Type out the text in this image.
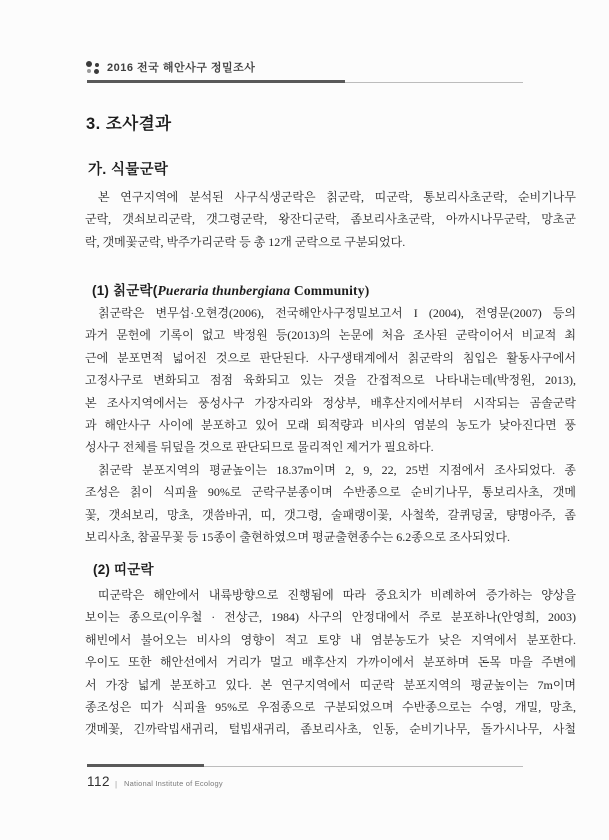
2016 전국 해안사구 정밀조사
3. 조사결과
가. 식물군락
본 연구지역에 분석된 사구식생군락은 칡군락, 띠군락, 통보리사초군락, 순비기나무
군락, 갯쇠보리군락, 갯그령군락, 왕잔디군락, 좀보리사초군락, 아까시나무군락, 망초군
락, 갯메꽃군락, 박주가리군락 등 총 12개 군락으로 구분되었다.
(1) 칡군락(Pueraria thunbergiana Community)
칡군락은 변무섭·오현경(2006), 전국해안사구정밀보고서 I (2004), 전영문(2007) 등의
과거 문헌에 기록이 없고 박정원 등(2013)의 논문에 처음 조사된 군락이어서 비교적 최
근에 분포면적 넓어진 것으로 판단된다. 사구생태계에서 칡군락의 침입은 활동사구에서
고정사구로 변화되고 점점 육화되고 있는 것을 간접적으로 나타내는데(박정원, 2013),
본 조사지역에서는 풍성사구 가장자리와 정상부, 배후산지에서부터 시작되는 곰솔군락
과 해안사구 사이에 분포하고 있어 모래 퇴적량과 비사의 염분의 농도가 낮아진다면 풍
성사구 전체를 뒤덮을 것으로 판단되므로 물리적인 제거가 필요하다.
칡군락 분포지역의 평균높이는 18.37m이며 2, 9, 22, 25번 지점에서 조사되었다. 종
조성은 칡이 식피율 90%로 군락구분종이며 수반종으로 순비기나무, 통보리사초, 갯메
꽃, 갯쇠보리, 망초, 갯씀바귀, 띠, 갯그령, 술패랭이꽃, 사철쑥, 갈퀴덩굴, 턍명아주, 좀
보리사초, 참골무꽃 등 15종이 출현하였으며 평균출현종수는 6.2종으로 조사되었다.
(2) 띠군락
띠군락은 해안에서 내륙방향으로 진행됨에 따라 중요치가 비례하여 증가하는 양상을
보이는 종으로(이우철 · 전상근, 1984) 사구의 안정대에서 주로 분포하나(안영희, 2003)
해빈에서 불어오는 비사의 영향이 적고 토양 내 염분농도가 낮은 지역에서 분포한다.
우이도 또한 해안선에서 거리가 멀고 배후산지 가까이에서 분포하며 돈목 마을 주변에
서 가장 넓게 분포하고 있다. 본 연구지역에서 띠군락 분포지역의 평균높이는 7m이며
종조성은 띠가 식피율 95%로 우점종으로 구분되었으며 수반종으로는 수영, 개밀, 망초,
갯메꽃, 긴까락빕새귀리, 털빕새귀리, 좀보리사초, 인동, 순비기나무, 돌가시나무, 사철
112 | National Institute of Ecology
